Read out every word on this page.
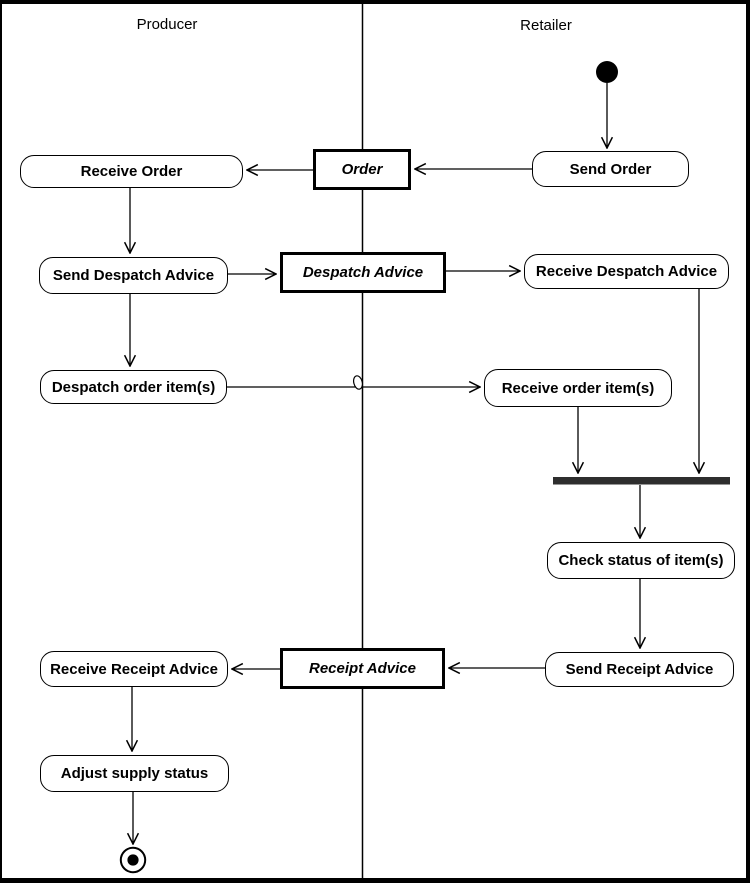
Producer	Retailer
Receive Order	Order	Send Order
Send Despatch Advice	Despatch Advice	Receive Despatch Advice
Despatch order item(s)	Receive order item(s)
Check status of item(s)
Send Receipt Advice
Receipt Advice
Receive Receipt Advice
Adjust supply status
